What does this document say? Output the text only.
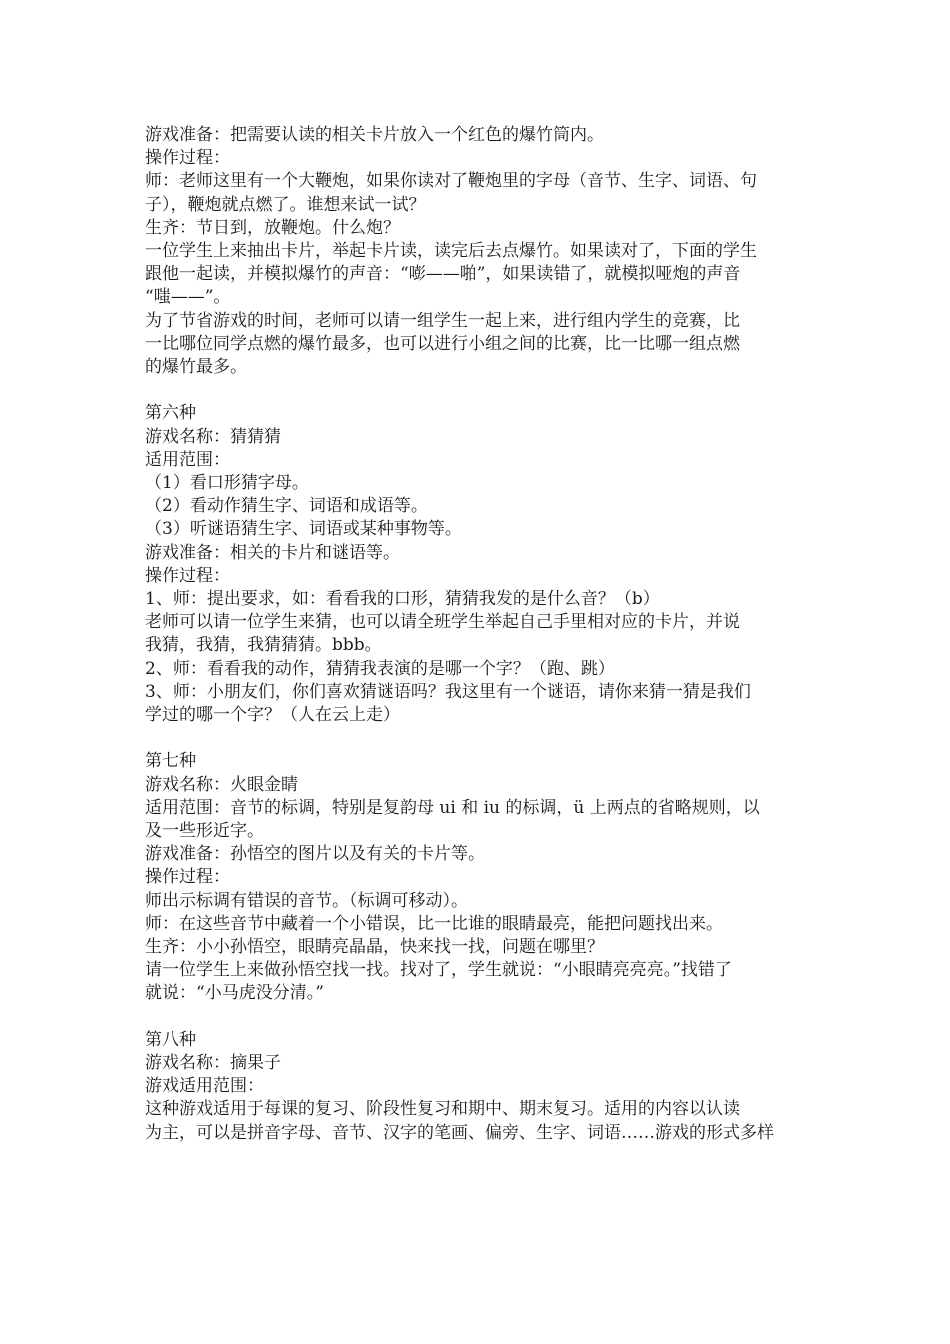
游戏准备：把需要认读的相关卡片放入一个红色的爆竹筒内。
操作过程：
师：老师这里有一个大鞭炮，如果你读对了鞭炮里的字母（音节、生字、词语、句
子），鞭炮就点燃了。谁想来试一试？
生齐：节日到，放鞭炮。什么炮？
一位学生上来抽出卡片，举起卡片读，读完后去点爆竹。如果读对了，下面的学生
跟他一起读，并模拟爆竹的声音：“嘭——啪”，如果读错了，就模拟哑炮的声音
“嗤——”。
为了节省游戏的时间，老师可以请一组学生一起上来，进行组内学生的竞赛，比
一比哪位同学点燃的爆竹最多，也可以进行小组之间的比赛，比一比哪一组点燃
的爆竹最多。
第六种
游戏名称：猜猜猜
适用范围：
（1）看口形猜字母。
（2）看动作猜生字、词语和成语等。
（3）听谜语猜生字、词语或某种事物等。
游戏准备：相关的卡片和谜语等。
操作过程：
1、师：提出要求，如：看看我的口形，猜猜我发的是什么音？（b）
老师可以请一位学生来猜，也可以请全班学生举起自己手里相对应的卡片，并说
我猜，我猜，我猜猜猜。bbb。
2、师：看看我的动作，猜猜我表演的是哪一个字？（跑、跳）
3、师：小朋友们，你们喜欢猜谜语吗？我这里有一个谜语，请你来猜一猜是我们
学过的哪一个字？（人在云上走）
第七种
游戏名称：火眼金睛
适用范围：音节的标调，特别是复韵母 ui 和 iu 的标调，ü 上两点的省略规则，以
及一些形近字。
游戏准备：孙悟空的图片以及有关的卡片等。
操作过程：
师出示标调有错误的音节。（标调可移动）。
师：在这些音节中藏着一个小错误，比一比谁的眼睛最亮，能把问题找出来。
生齐：小小孙悟空，眼睛亮晶晶，快来找一找，问题在哪里？
请一位学生上来做孙悟空找一找。找对了，学生就说：“小眼睛亮亮亮。”找错了
就说：“小马虎没分清。”
第八种
游戏名称：摘果子
游戏适用范围：
这种游戏适用于每课的复习、阶段性复习和期中、期末复习。适用的内容以认读
为主，可以是拼音字母、音节、汉字的笔画、偏旁、生字、词语……游戏的形式多样
